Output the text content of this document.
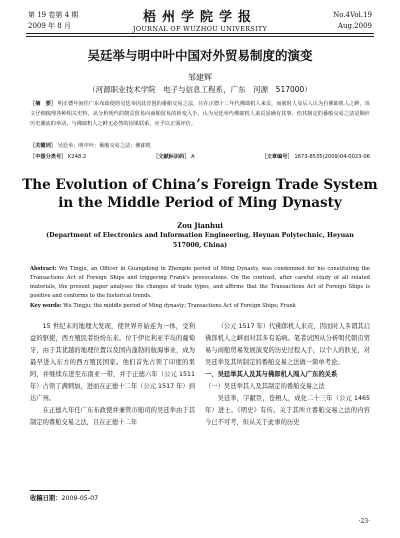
第 19 卷第 4 期
2009 年 8 月
梧州学院学报
JOURNAL OF WUZHOU UNIVERSITY
No.4Vol.19
Aug.2009
吴廷举与明中叶中国对外贸易制度的演变
邹建辉
（河源职业技术学院　电子与信息工程系，广东　河源　517000）
［摘　要］ 明正德年间任广东布政使的吴廷举因其首创的番舶交易之法，且在正德十二年代佛郎机人来贡，而被时人及后人认为自佛郎机人之衅，该文仔细梳理各种相关史料，从分析明代的朝贡贸易向商舶贸易的转变入手，认为吴廷举代佛郎机人来贡虽确有其事，但其制定的番舶交易之法是顺应历史潮流的举动，与佛郎机人之衅无必然的因果联系，应予以正面评价。
［关键词］ 吴廷举；明中叶；番舶交易之法；佛郎机
［中图分类号］ K248.2	［文献标识码］ A	［文章编号］ 1673-8535(2009)04-0023-06
The Evolution of China’s Foreign Trade System in the Middle Period of Ming Dynasty
Zou Jianhui
(Department of Electronics and Information Engineering, Heyuan Polytechnic, Heyuan 517000, China)
Abstract: Wu Tingju, an Officer in Guangdong in Zhengde period of Ming Dynasty, was condemned for his constituting the Transactions Act of Foreign Ships and triggering Frank’s provocations. On the contrast, after careful study of all related materials, the present paper analyses the changes of trade types, and affirms that the Transactions Act of Foreign Ships is positive and conforms to the historical trends.
Key words: Wu Tingju; the middle period of Ming dynasty; Transactions Act of Foreign Ships; Frank

15 世纪末的地理大发现，使世界开始连为一体，受利益的驱使，西方殖民者纷纷东来。位于伊比利亚半岛的葡萄牙，由于其优越的地理位置以及国内蓬勃的航海事业，成为最早进入东方的西方殖民国家。他们首先占领了印度的果阿，并继续东进至东南亚一带，并于正德六年（公元 1511 年）占领了满剌加，进而在正德十二年（公元 1517 年）到达广州。

在正德九年任广东布政使并兼管市舶司的吴廷举由于其制定的番舶交易之法，且在正德十二年

（公元 1517 年）代佛郎机人来贡，因而时人多谓其启佛郎机人之衅而对其多有诟病。笔者试图从分析明代朝贡贸易与商舶贸易发展演变的历史过程入手，以个人的肤见，对吴廷举及其所制定的番舶交易之法做一简单考论。

一、吴廷举其人及其与佛郎机人闯入广东的关系

（一）吴廷举其人及其制定的番舶交易之法

吴廷举，字献臣，苍梧人，成化二十三年（公元 1465 年）进士。《明史》有传。关于其所立番舶交易之法的内容今已不可考，但从关于此事的历史

收稿日期：2009-05-07
·23·
